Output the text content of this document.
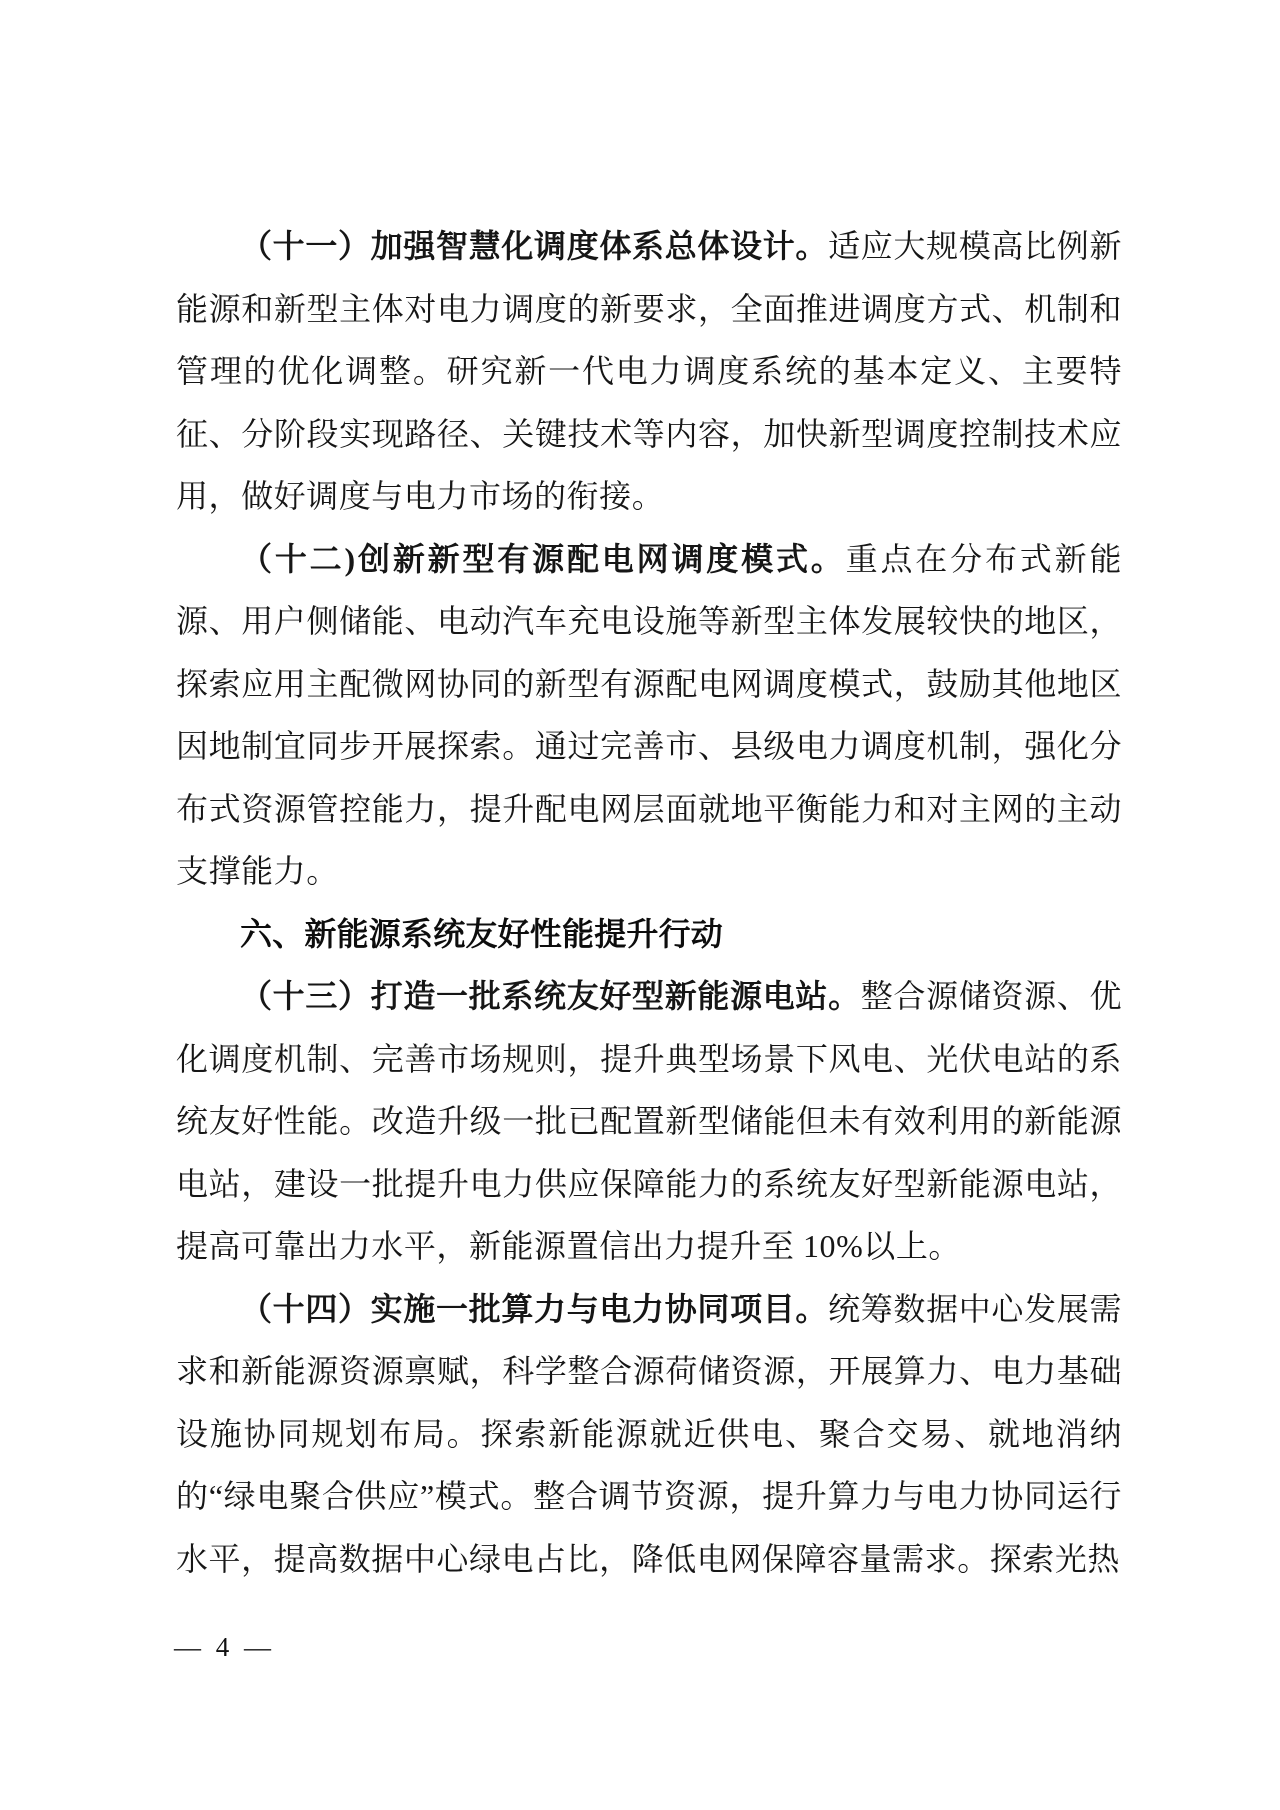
（十一）加强智慧化调度体系总体设计。适应大规模高比例新能源和新型主体对电力调度的新要求，全面推进调度方式、机制和管理的优化调整。研究新一代电力调度系统的基本定义、主要特征、分阶段实现路径、关键技术等内容，加快新型调度控制技术应用，做好调度与电力市场的衔接。

（十二)创新新型有源配电网调度模式。重点在分布式新能源、用户侧储能、电动汽车充电设施等新型主体发展较快的地区，探索应用主配微网协同的新型有源配电网调度模式，鼓励其他地区因地制宜同步开展探索。通过完善市、县级电力调度机制，强化分布式资源管控能力，提升配电网层面就地平衡能力和对主网的主动支撑能力。

六、新能源系统友好性能提升行动

（十三）打造一批系统友好型新能源电站。整合源储资源、优化调度机制、完善市场规则，提升典型场景下风电、光伏电站的系统友好性能。改造升级一批已配置新型储能但未有效利用的新能源电站，建设一批提升电力供应保障能力的系统友好型新能源电站，提高可靠出力水平，新能源置信出力提升至 10%以上。

（十四）实施一批算力与电力协同项目。统筹数据中心发展需求和新能源资源禀赋，科学整合源荷储资源，开展算力、电力基础设施协同规划布局。探索新能源就近供电、聚合交易、就地消纳的“绿电聚合供应”模式。整合调节资源，提升算力与电力协同运行水平，提高数据中心绿电占比，降低电网保障容量需求。探索光热

— 4 —
